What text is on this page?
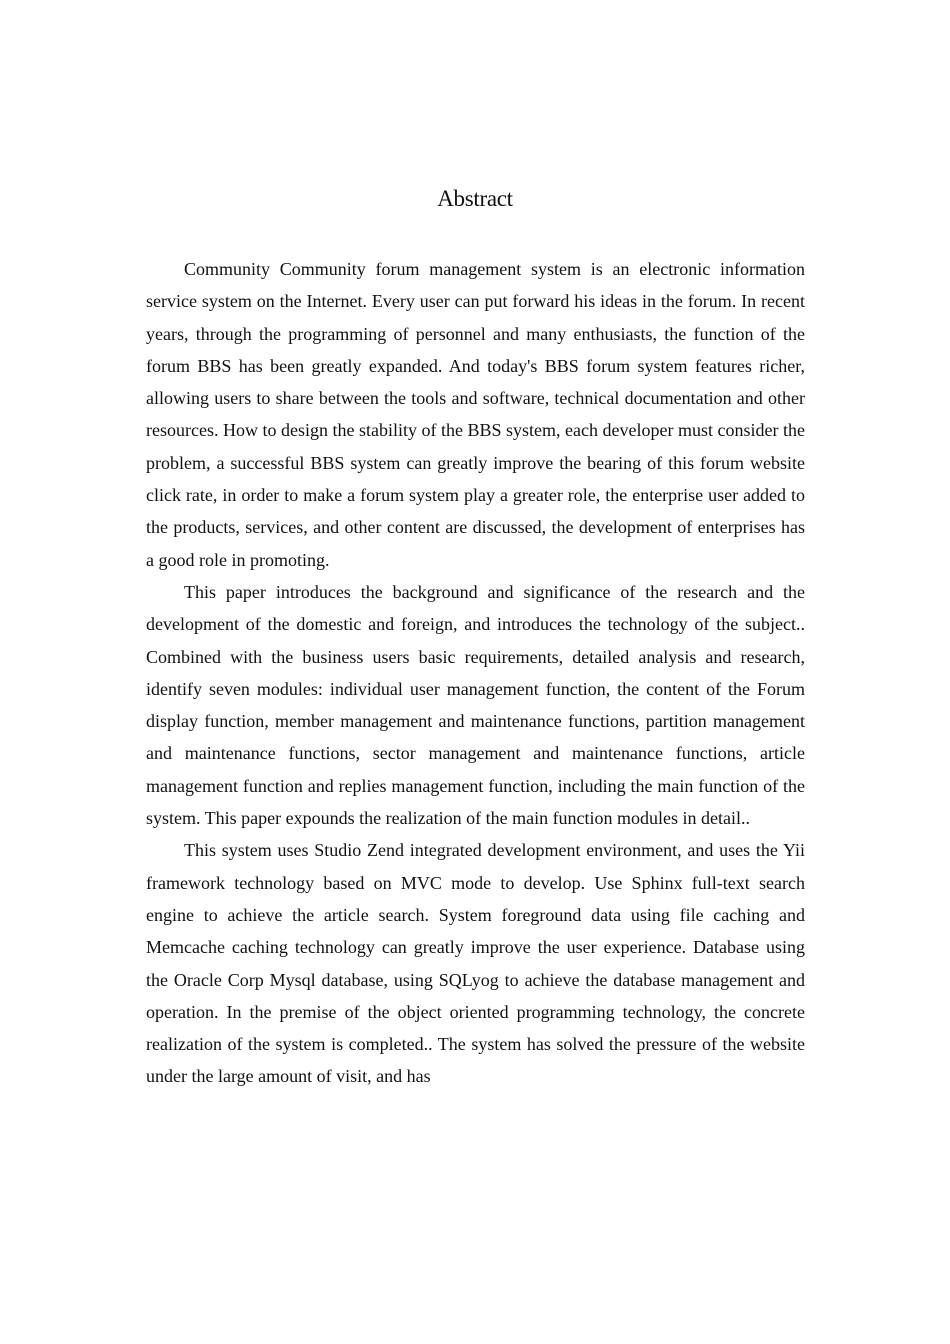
Abstract

Community Community forum management system is an electronic information service system on the Internet. Every user can put forward his ideas in the forum. In recent years, through the programming of personnel and many enthusiasts, the function of the forum BBS has been greatly expanded. And today's BBS forum system features richer, allowing users to share between the tools and software, technical documentation and other resources. How to design the stability of the BBS system, each developer must consider the problem, a successful BBS system can greatly improve the bearing of this forum website click rate, in order to make a forum system play a greater role, the enterprise user added to the products, services, and other content are discussed, the development of enterprises has a good role in promoting.

This paper introduces the background and significance of the research and the development of the domestic and foreign, and introduces the technology of the subject.. Combined with the business users basic requirements, detailed analysis and research, identify seven modules: individual user management function, the content of the Forum display function, member management and maintenance functions, partition management and maintenance functions, sector management and maintenance functions, article management function and replies management function, including the main function of the system. This paper expounds the realization of the main function modules in detail..

This system uses Studio Zend integrated development environment, and uses the Yii framework technology based on MVC mode to develop. Use Sphinx full-text search engine to achieve the article search. System foreground data using file caching and Memcache caching technology can greatly improve the user experience. Database using the Oracle Corp Mysql database, using SQLyog to achieve the database management and operation. In the premise of the object oriented programming technology, the concrete realization of the system is completed.. The system has solved the pressure of the website under the large amount of visit, and has
